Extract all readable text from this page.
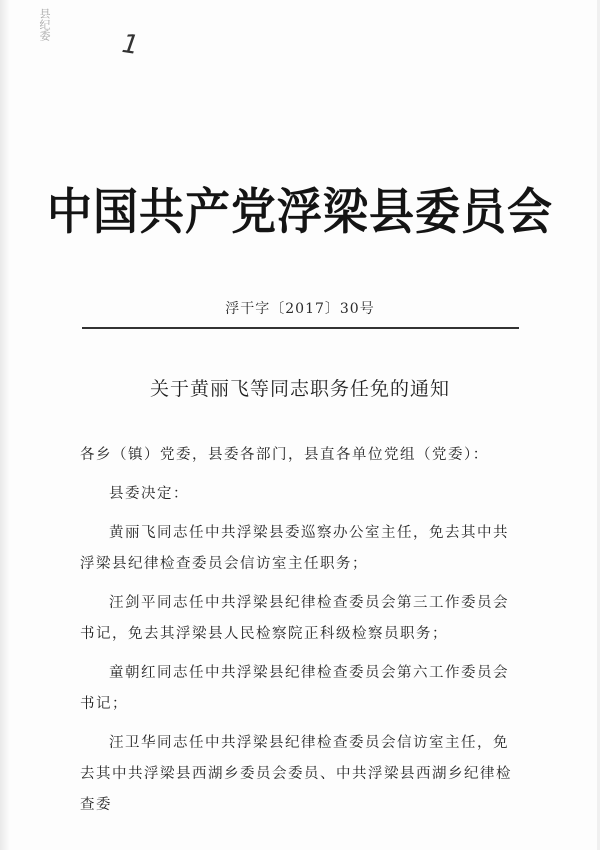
县纪委
1
中国共产党浮梁县委员会
浮干字〔2017〕30号
关于黄丽飞等同志职务任免的通知

各乡（镇）党委，县委各部门，县直各单位党组（党委）：

县委决定：

黄丽飞同志任中共浮梁县委巡察办公室主任，免去其中共浮梁县纪律检查委员会信访室主任职务；

汪剑平同志任中共浮梁县纪律检查委员会第三工作委员会书记，免去其浮梁县人民检察院正科级检察员职务；

童朝红同志任中共浮梁县纪律检查委员会第六工作委员会书记；

汪卫华同志任中共浮梁县纪律检查委员会信访室主任，免去其中共浮梁县西湖乡委员会委员、中共浮梁县西湖乡纪律检查委
